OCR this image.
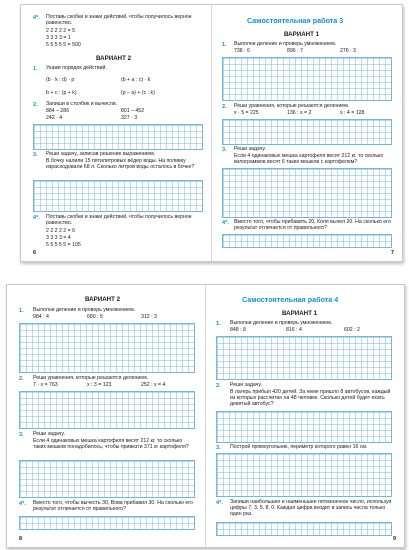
4*. Поставь скобки и знаки действий, чтобы получилось верное равенство.
2 2 2 2 2 = 5
3 3 3 3 = 1
5 5 5 5 5 = 500
ВАРИАНТ 2
1. Укажи порядок действий.
(b · k : d) · p	(b + a : c) · k
b + c : (p + k)	(p – a) + (c : k)
2. Запиши в столбик и вычисли.
884 – 286	801 – 452
242 · 4	327 · 3
3. Реши задачу, записав решение выражением.
В бочку налили 15 пятилитровых вёдер воды. На поливку израсходовали 68 л. Сколько литров воды осталось в бочке?
4*. Поставь скобки и знаки действий, чтобы получилось верное равенство.
2 2 2 2 2 = 6
3 3 3 3 = 4
5 5 5 5 5 = 105
6
Самостоятельная работа 3
ВАРИАНТ 1
1. Выполни деление и проверь умножением.
738 : 6	896 : 7	276 : 3
2. Реши уравнения, которые решаются делением.
x · 5 = 225	136 : x = 2	x : 4 = 128
3. Реши задачу.
Если 4 одинаковых мешка картофеля весят 212 кг, то сколько килограммов весят 6 таких мешков с картофелем?
4*. Вместо того, чтобы прибавить 20, Коля вычел 20. На сколько его результат отличается от правильного?
7
ВАРИАНТ 2
1. Выполни деление и проверь умножением.
984 : 4	680 : 5	312 : 3
2. Реши уравнения, которые решаются делением.
7 · x = 763	x : 3 = 123	252 : x = 4
3. Реши задачу.
Если 4 одинаковых мешка картофеля весят 212 кг, то сколько таких мешков понадобилось, чтобы привезти 371 кг картофеля?
4*. Вместо того, чтобы вычесть 30, Вова прибавил 30. На сколько его результат отличается от правильного?
8
Самостоятельная работа 4
ВАРИАНТ 1
1. Выполни деление и проверь умножением.
848 : 8	816 : 4	602 : 2
2. Реши задачу.
В лагерь прибыл 420 детей. За неме пришло 8 автобусов, каждый из которых рассчитан на 48 человек. Сколько детей будет ехать девятый автобус?
3. Построй прямоугольник, периметр которого равен 16 см.
4*. Запиши наибольшее и наименьшее пятизначное число, используя цифры 7, 3, 5, 8, 0. Каждая цифра входит в запись числа только один раз.
9
